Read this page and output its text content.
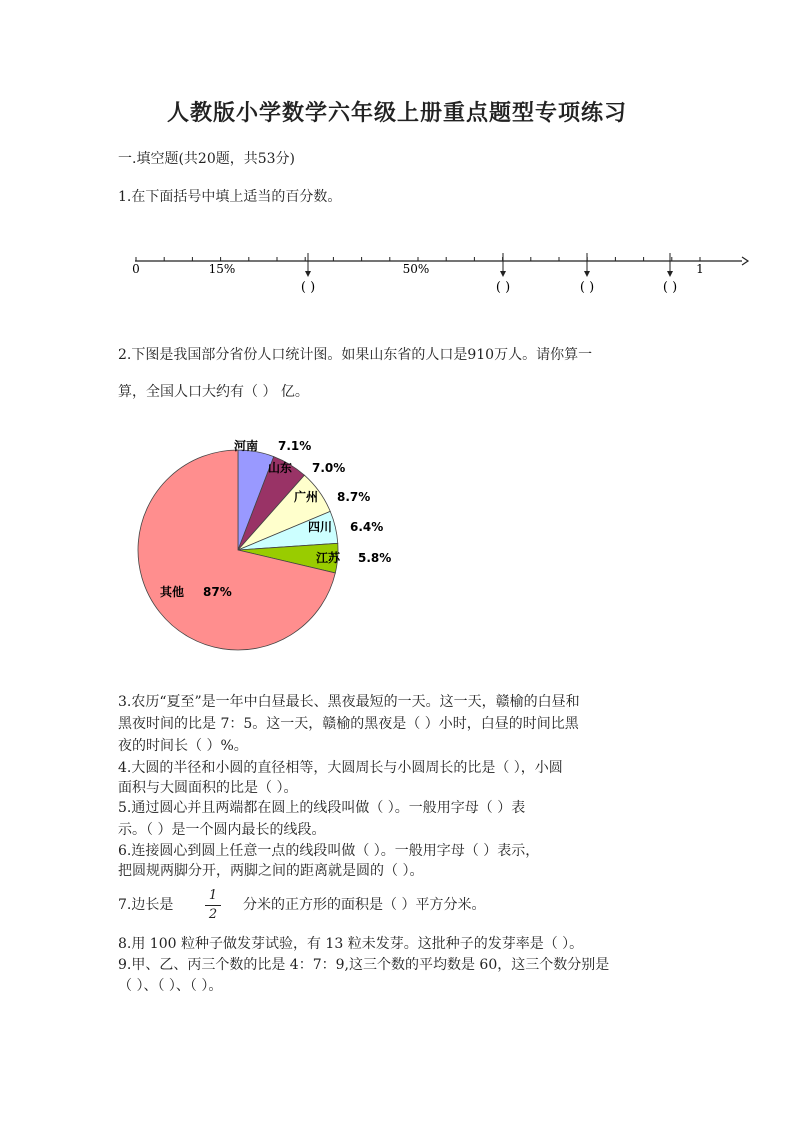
人教版小学数学六年级上册重点题型专项练习
一.填空题(共20题，共53分)
1.在下面括号中填上适当的百分数。
0	15%	50%	1
( )	( )	( )	( )
2.下图是我国部分省份人口统计图。如果山东省的人口是910万人。请你算一
算，全国人口大约有（ ） 亿。
河南 7.1%
山东 7.0%
广州 8.7%
四川 6.4%
江苏 5.8%
其他 87%
3.农历“夏至”是一年中白昼最长、黑夜最短的一天。这一天，赣榆的白昼和
黑夜时间的比是 7：5。这一天，赣榆的黑夜是（ ）小时，白昼的时间比黑
夜的时间长（ ）%。
4.大圆的半径和小圆的直径相等，大圆周长与小圆周长的比是（ ），小圆
面积与大圆面积的比是（ ）。
5.通过圆心并且两端都在圆上的线段叫做（ ）。一般用字母（ ）表
示。（ ）是一个圆内最长的线段。
6.连接圆心到圆上任意一点的线段叫做（ ）。一般用字母（ ）表示，
把圆规两脚分开，两脚之间的距离就是圆的（ ）。
7.边长是
1
2
分米的正方形的面积是（ ）平方分米。
8.用 100 粒种子做发芽试验，有 13 粒未发芽。这批种子的发芽率是（ ）。
9.甲、乙、丙三个数的比是 4：7：9,这三个数的平均数是 60，这三个数分别是
（ ）、（ ）、（ ）。
